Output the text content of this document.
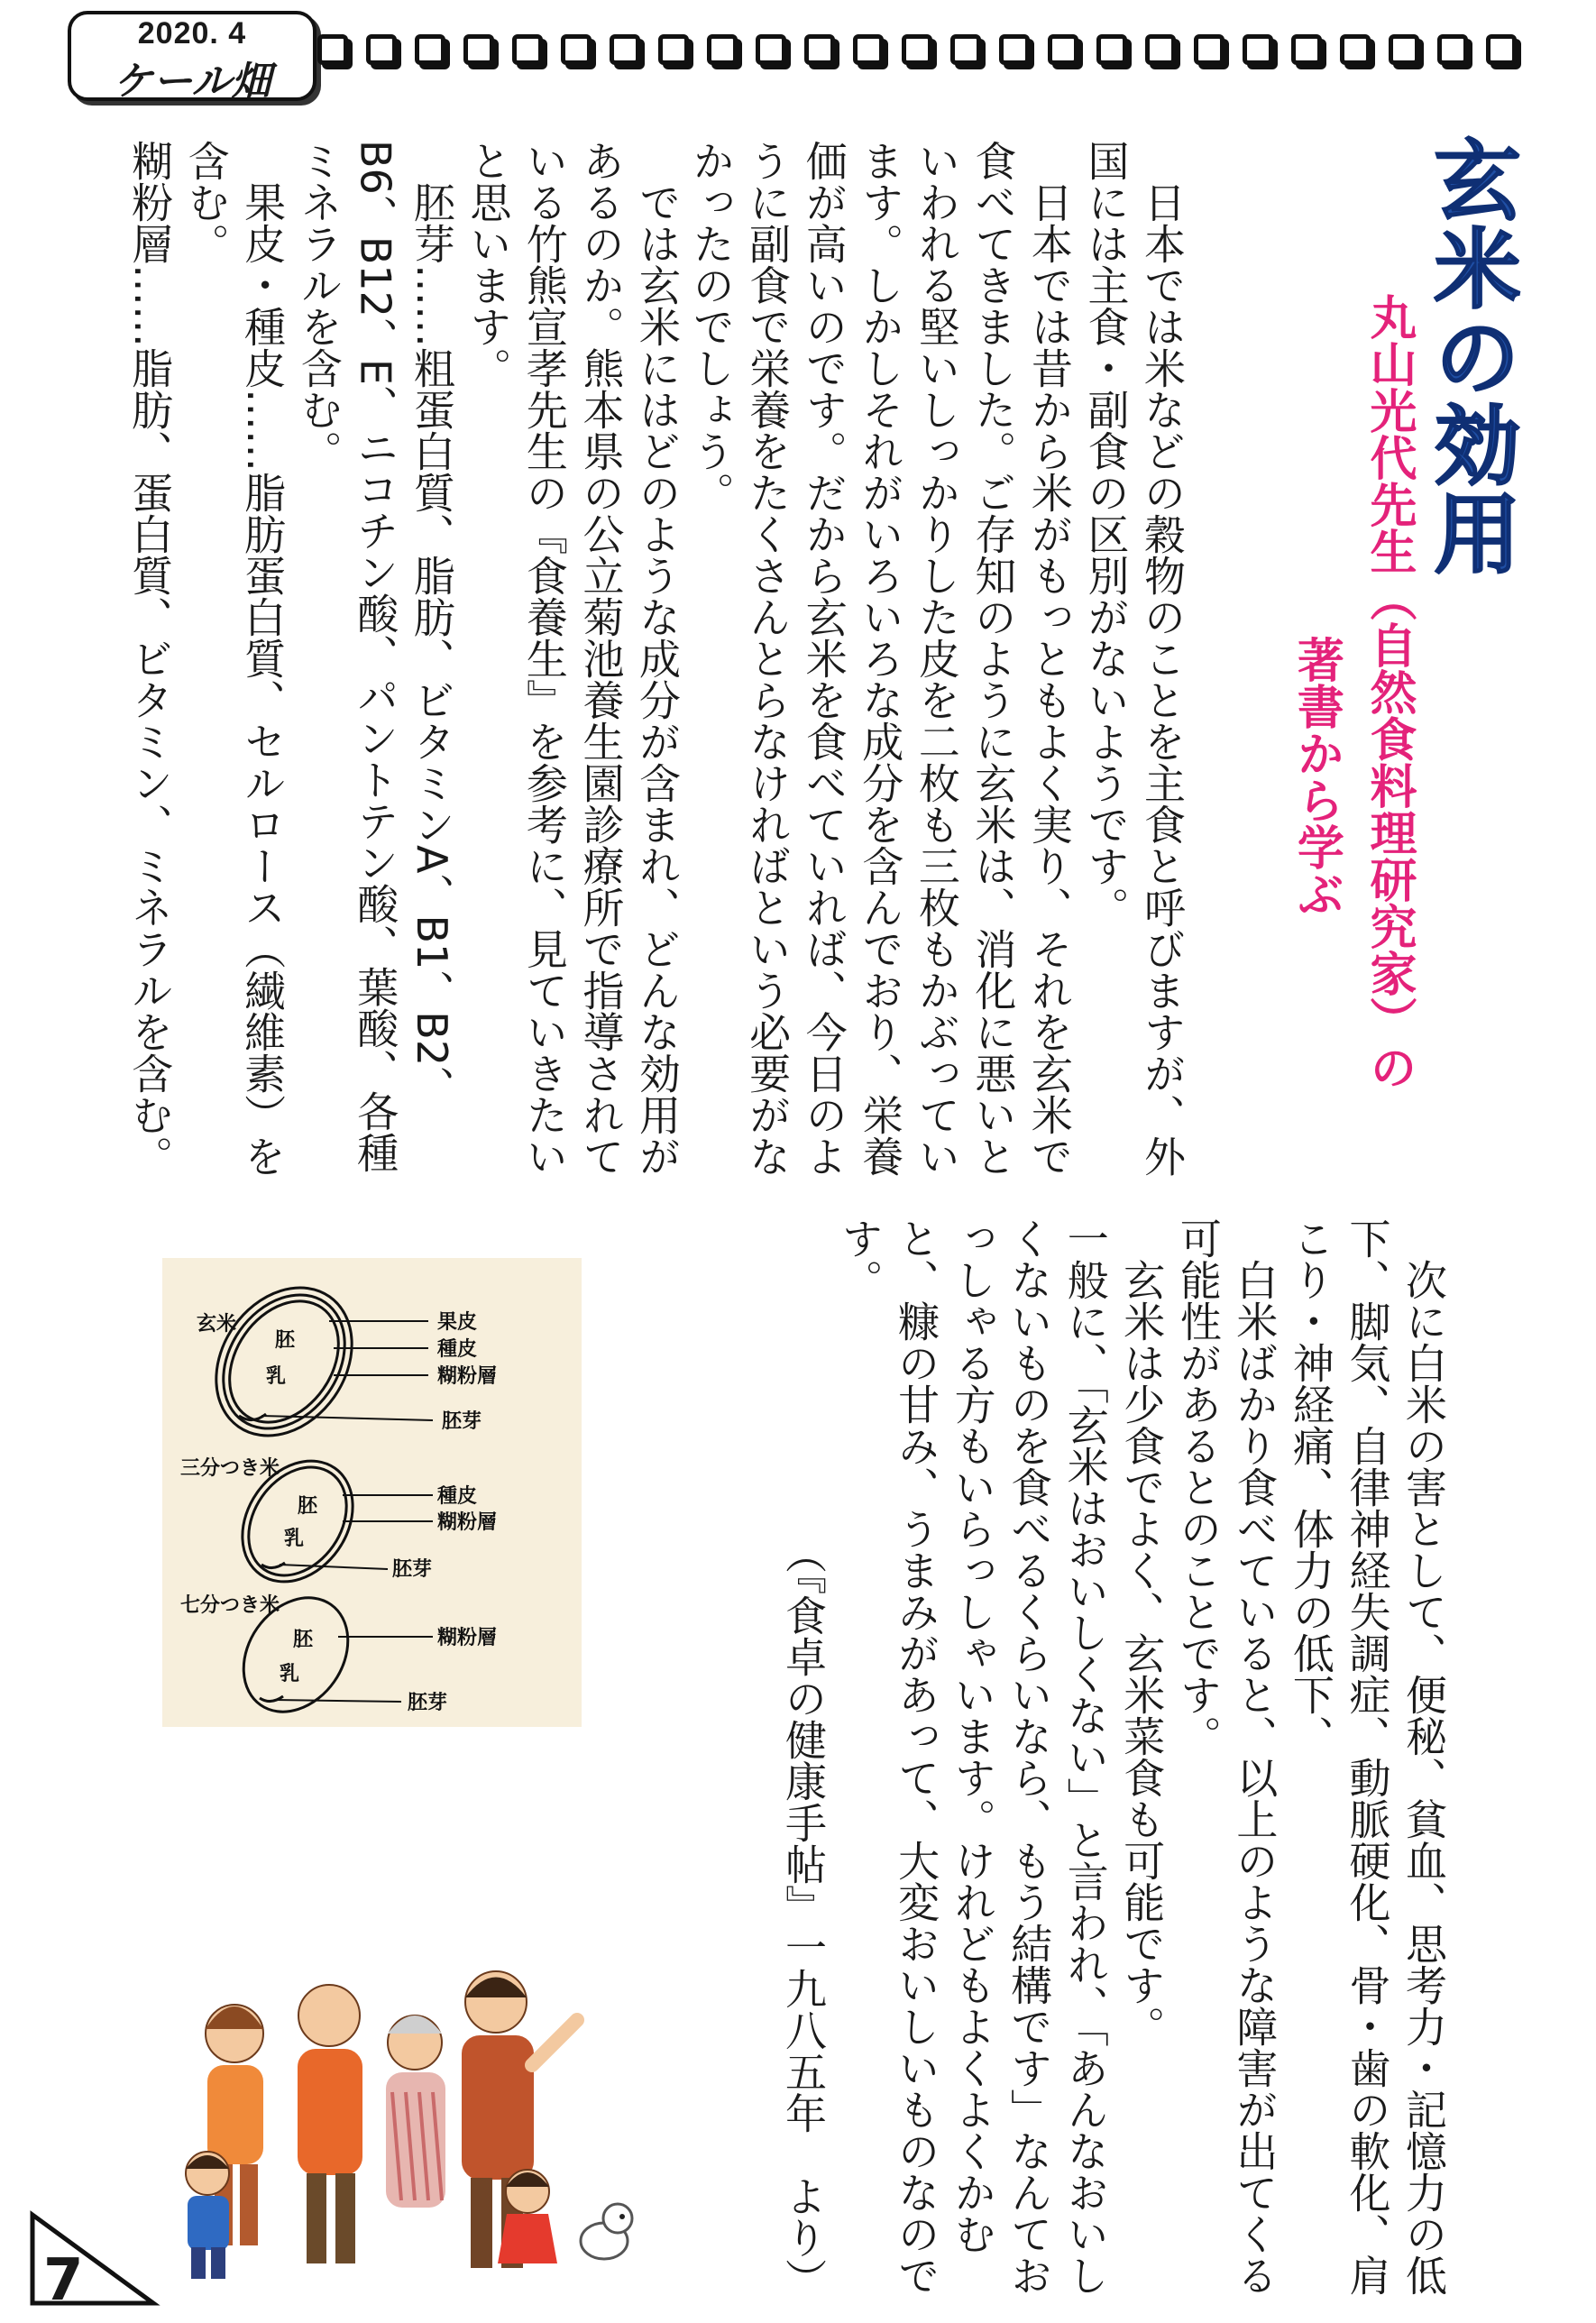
2020. 4
ケール畑
玄米の効用

丸山光代先生（自然食料理研究家）の

著書から学ぶ

日本では米などの穀物のことを主食と呼びますが、外国には主食・副食の区別がないようです。

日本では昔から米がもっともよく実り、それを玄米で食べてきました。ご存知のように玄米は、消化に悪いといわれる堅いしっかりした皮を二枚も三枚もかぶっています。しかしそれがいろいろな成分を含んでおり、栄養価が高いのです。だから玄米を食べていれば、今日のように副食で栄養をたくさんとらなければという必要がなかったのでしょう。

では玄米にはどのような成分が含まれ、どんな効用があるのか。熊本県の公立菊池養生園診療所で指導されている竹熊宣孝先生の『食養生』を参考に、見ていきたいと思います。

胚芽……粗蛋白質、脂肪、ビタミンA、B1、B2、B6、B12、E、ニコチン酸、パントテン酸、葉酸、各種ミネラルを含む。

果皮・種皮……脂肪蛋白質、セルロース（繊維素）を含む。

糊粉層……脂肪、蛋白質、ビタミン、ミネラルを含む。

次に白米の害として、便秘、貧血、思考力・記憶力の低下、脚気、自律神経失調症、動脈硬化、骨・歯の軟化、肩こり・神経痛、体力の低下、

白米ばかり食べていると、以上のような障害が出てくる可能性があるとのことです。

玄米は少食でよく、玄米菜食も可能です。

一般に、「玄米はおいしくない」と言われ、「あんなおいしくないものを食べるくらいなら、もう結構です」なんておっしゃる方もいらっしゃいます。けれどもよくよくかむと、糠の甘み、うまみがあって、大変おいしいものなのです。

（『食卓の健康手帖』一九八五年　より）

玄米
胚
乳
果皮
種皮
糊粉層
胚芽
三分つき米
胚
乳
種皮
糊粉層
胚芽
七分つき米
胚
乳
糊粉層
胚芽
7
